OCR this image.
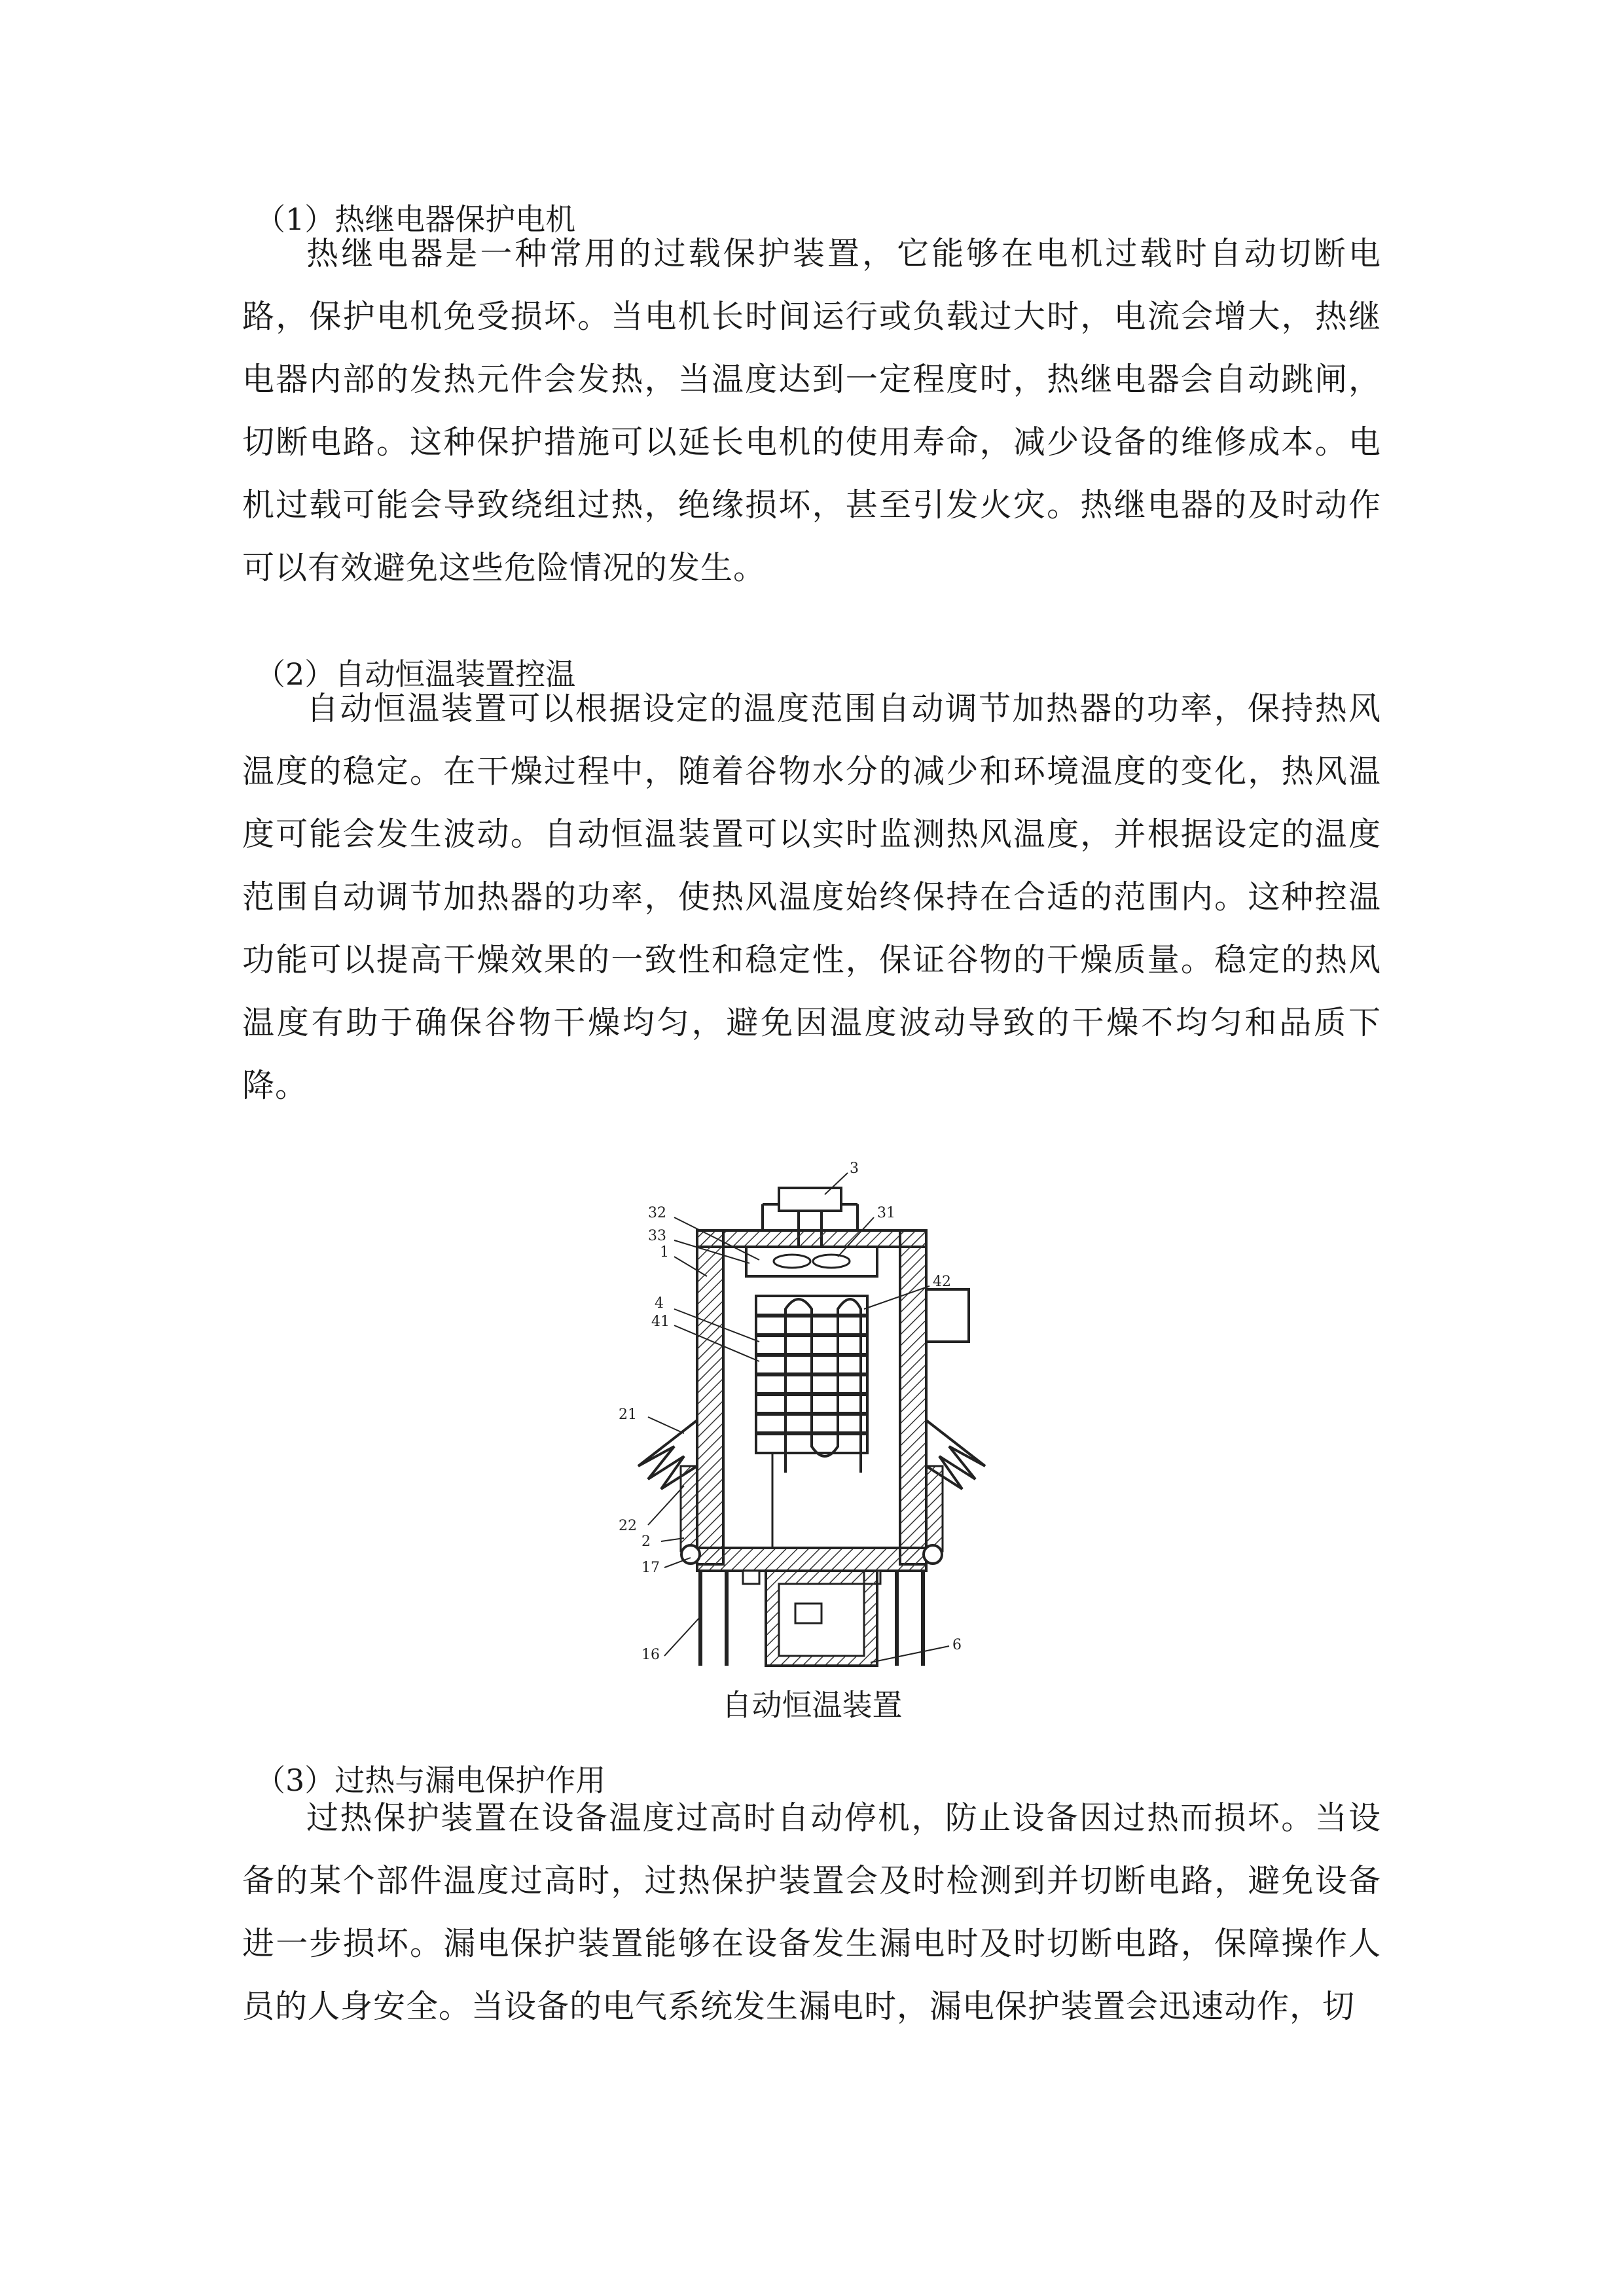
（1）热继电器保护电机

热继电器是一种常用的过载保护装置，它能够在电机过载时自动切断电路，保护电机免受损坏。当电机长时间运行或负载过大时，电流会增大，热继电器内部的发热元件会发热，当温度达到一定程度时，热继电器会自动跳闸，切断电路。这种保护措施可以延长电机的使用寿命，减少设备的维修成本。电机过载可能会导致绕组过热，绝缘损坏，甚至引发火灾。热继电器的及时动作可以有效避免这些危险情况的发生。

（2）自动恒温装置控温

自动恒温装置可以根据设定的温度范围自动调节加热器的功率，保持热风温度的稳定。在干燥过程中，随着谷物水分的减少和环境温度的变化，热风温度可能会发生波动。自动恒温装置可以实时监测热风温度，并根据设定的温度范围自动调节加热器的功率，使热风温度始终保持在合适的范围内。这种控温功能可以提高干燥效果的一致性和稳定性，保证谷物的干燥质量。稳定的热风温度有助于确保谷物干燥均匀，避免因温度波动导致的干燥不均匀和品质下降。

3
32	31
33
1
42
4
41
21
22
2
17
16
6
自动恒温装置
（3）过热与漏电保护作用

过热保护装置在设备温度过高时自动停机，防止设备因过热而损坏。当设备的某个部件温度过高时，过热保护装置会及时检测到并切断电路，避免设备进一步损坏。漏电保护装置能够在设备发生漏电时及时切断电路，保障操作人员的人身安全。当设备的电气系统发生漏电时，漏电保护装置会迅速动作，切
